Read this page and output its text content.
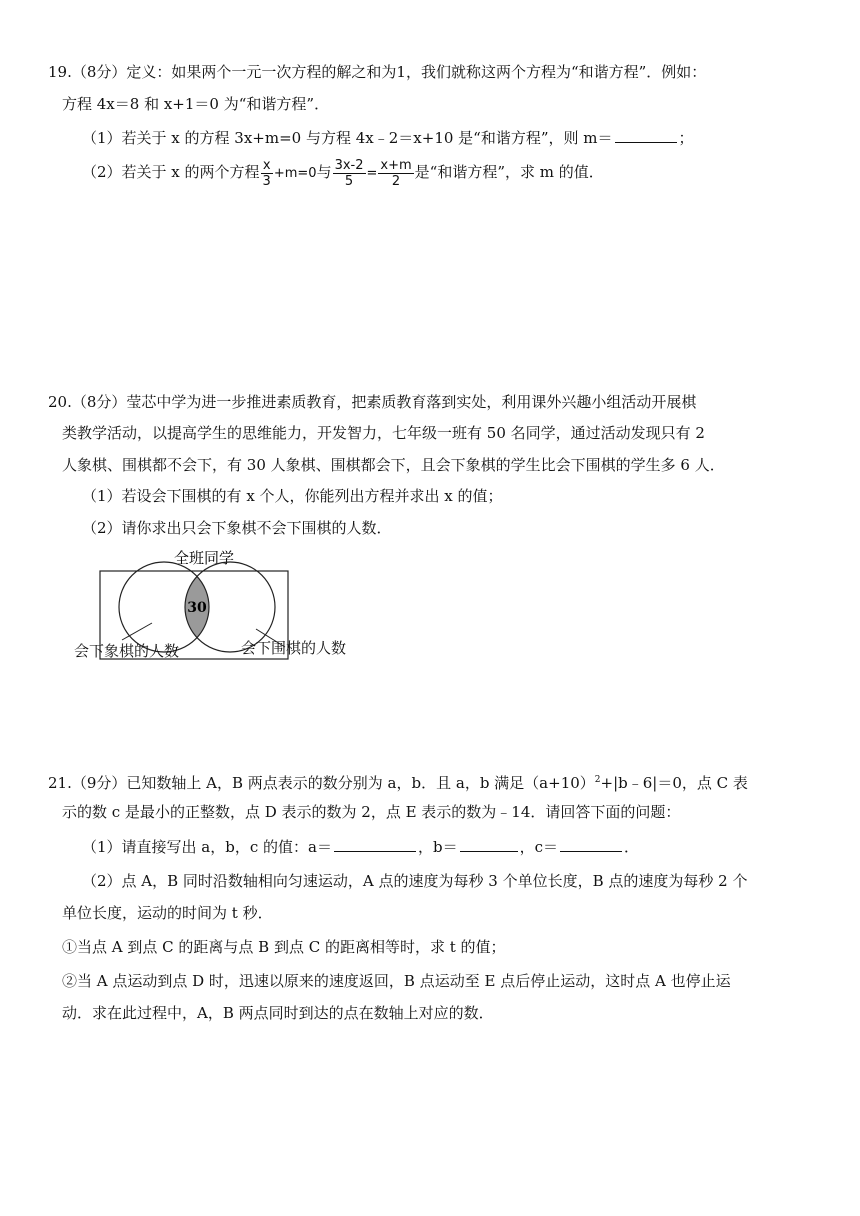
19.（8分）定义：如果两个一元一次方程的解之和为1，我们就称这两个方程为“和谐方程”．例如：
方程 4x＝8 和 x+1＝0 为“和谐方程”．
（1）若关于 x 的方程 3x+m=0 与方程 4x﹣2＝x+10 是“和谐方程”，则 m＝	；
（2）若关于 x 的两个方程 $\frac{x}{3} +m=0$与 $\frac{3x-2}{5} = \frac{x+m}{2}$ 是“和谐方程”，求 m 的值．
20.（8分）莹芯中学为进一步推进素质教育，把素质教育落到实处，利用课外兴趣小组活动开展棋
类教学活动，以提高学生的思维能力，开发智力，七年级一班有 50 名同学，通过活动发现只有 2
人象棋、围棋都不会下，有 30 人象棋、围棋都会下，且会下象棋的学生比会下围棋的学生多 6 人．
（1）若设会下围棋的有 x 个人，你能列出方程并求出 x 的值；
（2）请你求出只会下象棋不会下围棋的人数．
全班同学
30
会下象棋的人数	会下围棋的人数
21.（9分）已知数轴上 A，B 两点表示的数分别为 a，b．且 a，b 满足$(a+10)^2+|b﹣6|=0$，点 C 表
示的数 c 是最小的正整数，点 D 表示的数为 2，点 E 表示的数为﹣14．请回答下面的问题：
（1）请直接写出 a，b，c 的值：a＝	，b＝	，c＝	．
（2）点 A，B 同时沿数轴相向匀速运动，A 点的速度为每秒 3 个单位长度，B 点的速度为每秒 2 个
单位长度，运动的时间为 t 秒．
①当点 A 到点 C 的距离与点 B 到点 C 的距离相等时，求 t 的值；
②当 A 点运动到点 D 时，迅速以原来的速度返回，B 点运动至 E 点后停止运动，这时点 A 也停止运
动．求在此过程中，A，B 两点同时到达的点在数轴上对应的数．
